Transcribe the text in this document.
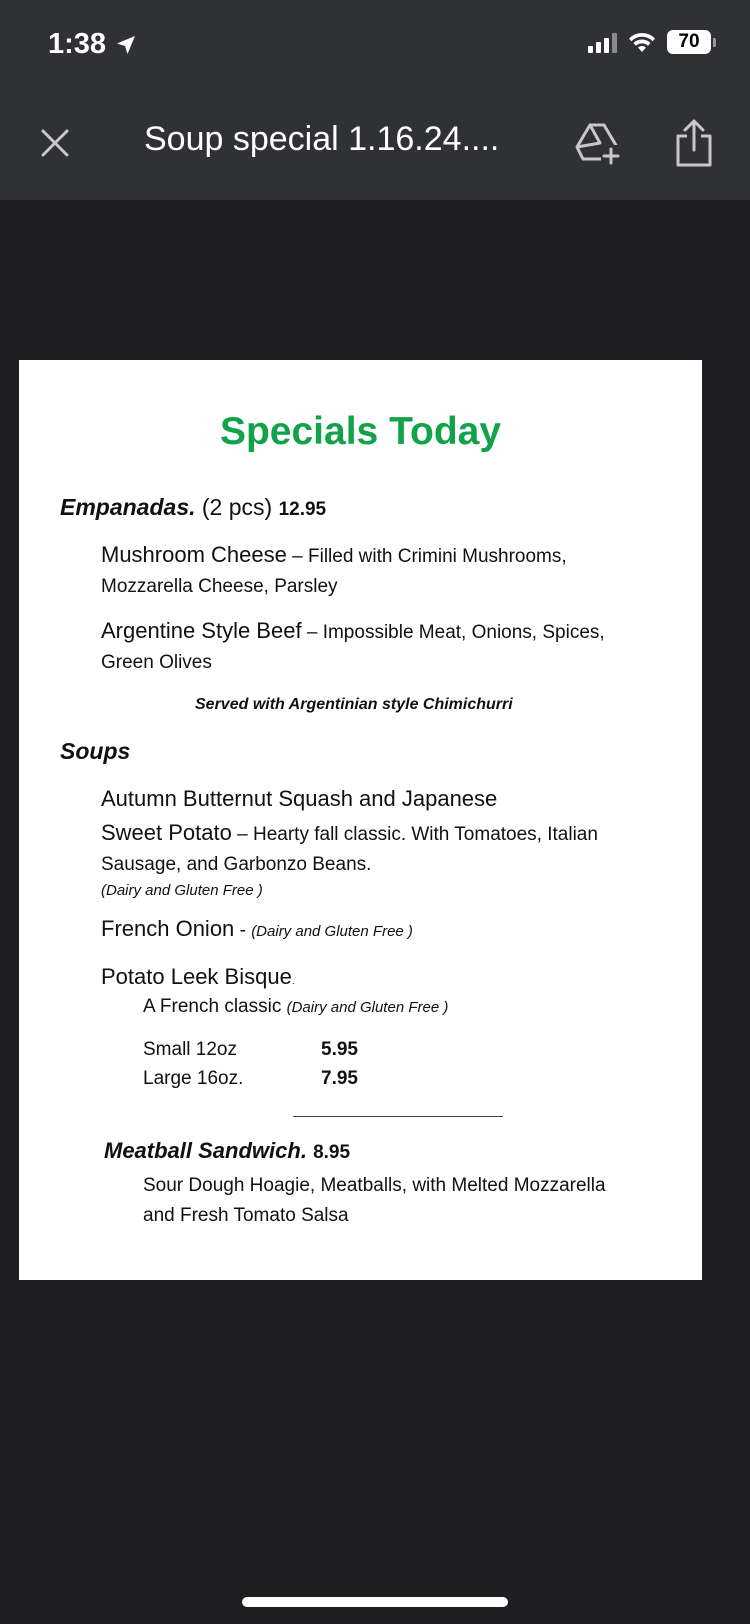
1:38	70
Soup special 1.16.24....
Specials Today
Empanadas. (2 pcs) 12.95
Mushroom Cheese – Filled with Crimini Mushrooms,
Mozzarella Cheese, Parsley
Argentine Style Beef – Impossible Meat, Onions, Spices,
Green Olives
Served with Argentinian style Chimichurri
Soups
Autumn Butternut Squash and Japanese
Sweet Potato – Hearty fall classic. With Tomatoes, Italian
Sausage, and Garbonzo Beans.
(Dairy and Gluten Free )
French Onion - (Dairy and Gluten Free )
Potato Leek Bisque.
A French classic (Dairy and Gluten Free )
Small 12oz	5.95
Large 16oz.	7.95
Meatball Sandwich. 8.95
Sour Dough Hoagie, Meatballs, with Melted Mozzarella
and Fresh Tomato Salsa
